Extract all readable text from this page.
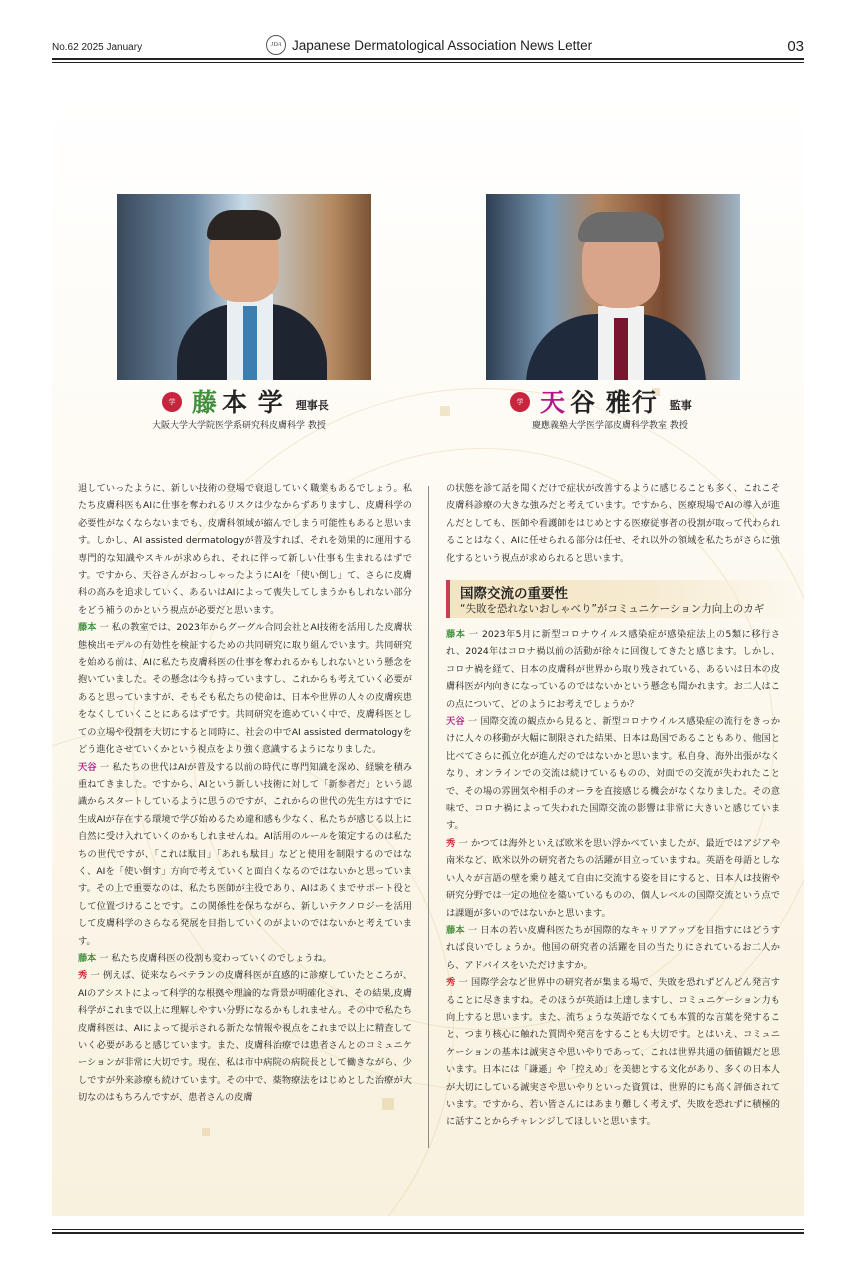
No.62 2025 January	JDA Japanese Dermatological Association News Letter	03
学 藤 本 学 理事長
大阪大学大学院医学系研究科皮膚科学 教授
学 天 谷 雅行 監事
慶應義塾大学医学部皮膚科学教室 教授

退していったように、新しい技術の登場で衰退していく職業もあるでしょう。私たち皮膚科医もAIに仕事を奪われるリスクは少なからずありますし、皮膚科学の必要性がなくならないまでも、皮膚科領域が縮んでしまう可能性もあると思います。しかし、AI assisted dermatologyが普及すれば、それを効果的に運用する専門的な知識やスキルが求められ、それに伴って新しい仕事も生まれるはずです。ですから、天谷さんがおっしゃったようにAIを「使い倒し」て、さらに皮膚科の高みを追求していく、あるいはAIによって喪失してしまうかもしれない部分をどう補うのかという視点が必要だと思います。

藤本 一 私の教室では、2023年からグーグル合同会社とAI技術を活用した皮膚状態検出モデルの有効性を検証するための共同研究に取り組んでいます。共同研究を始める前は、AIに私たち皮膚科医の仕事を奪われるかもしれないという懸念を抱いていました。その懸念は今も持っていますし、これからも考えていく必要があると思っていますが、そもそも私たちの使命は、日本や世界の人々の皮膚疾患をなくしていくことにあるはずです。共同研究を進めていく中で、皮膚科医としての立場や役割を大切にすると同時に、社会の中でAI assisted dermatologyをどう進化させていくかという視点をより強く意識するようになりました。

天谷 一 私たちの世代はAIが普及する以前の時代に専門知識を深め、経験を積み重ねてきました。ですから、AIという新しい技術に対して「新参者だ」という認識からスタートしているように思うのですが、これからの世代の先生方はすでに生成AIが存在する環境で学び始めるため違和感も少なく、私たちが感じる以上に自然に受け入れていくのかもしれませんね。AI活用のルールを策定するのは私たちの世代ですが、「これは駄目」「あれも駄目」などと使用を制限するのではなく、AIを「使い倒す」方向で考えていくと面白くなるのではないかと思っています。その上で重要なのは、私たち医師が主役であり、AIはあくまでサポート役として位置づけることです。この関係性を保ちながら、新しいテクノロジーを活用して皮膚科学のさらなる発展を目指していくのがよいのではないかと考えています。

藤本 一 私たち皮膚科医の役割も変わっていくのでしょうね。

秀 一 例えば、従来ならベテランの皮膚科医が直感的に診療していたところが、AIのアシストによって科学的な根拠や理論的な背景が明確化され、その結果,皮膚科学がこれまで以上に理解しやすい分野になるかもしれません。その中で私たち皮膚科医は、AIによって提示される新たな情報や視点をこれまで以上に精査していく必要があると感じています。また、皮膚科治療では患者さんとのコミュニケーションが非常に大切です。現在、私は市中病院の病院長として働きながら、少しですが外来診療も続けています。その中で、薬物療法をはじめとした治療が大切なのはもちろんですが、患者さんの皮膚

の状態を診て話を聞くだけで症状が改善するように感じることも多く、これこそ皮膚科診療の大きな強みだと考えています。ですから、医療現場でAIの導入が進んだとしても、医師や看護師をはじめとする医療従事者の役割が取って代わられることはなく、AIに任せられる部分は任せ、それ以外の領域を私たちがさらに強化するという視点が求められると思います。

国際交流の重要性
“失敗を恐れないおしゃべり”がコミュニケーション力向上のカギ

藤本 一 2023年5月に新型コロナウイルス感染症が感染症法上の5類に移行され、2024年はコロナ禍以前の活動が徐々に回復してきたと感じます。しかし、コロナ禍を経て、日本の皮膚科が世界から取り残されている、あるいは日本の皮膚科医が内向きになっているのではないかという懸念も聞かれます。お二人はこの点について、どのようにお考えでしょうか？

天谷 一 国際交流の観点から見ると、新型コロナウイルス感染症の流行をきっかけに人々の移動が大幅に制限された結果、日本は島国であることもあり、他国と比べてさらに孤立化が進んだのではないかと思います。私自身、海外出張がなくなり、オンラインでの交流は続けているものの、対面での交流が失われたことで、その場の雰囲気や相手のオーラを直接感じる機会がなくなりました。その意味で、コロナ禍によって失われた国際交流の影響は非常に大きいと感じています。

秀 一 かつては海外といえば欧米を思い浮かべていましたが、最近ではアジアや南米など、欧米以外の研究者たちの活躍が目立っていますね。英語を母語としない人々が言語の壁を乗り越えて自由に交流する姿を目にすると、日本人は技術や研究分野では一定の地位を築いているものの、個人レベルの国際交流という点では課題が多いのではないかと思います。

藤本 一 日本の若い皮膚科医たちが国際的なキャリアアップを目指すにはどうすれば良いでしょうか。他国の研究者の活躍を目の当たりにされているお二人から、アドバイスをいただけますか。

秀 一 国際学会など世界中の研究者が集まる場で、失敗を恐れずどんどん発言することに尽きますね。そのほうが英語は上達しますし、コミュニケーション力も向上すると思います。また、流ちょうな英語でなくても本質的な言葉を発すること、つまり核心に触れた質問や発言をすることも大切です。とはいえ、コミュニケーションの基本は誠実さや思いやりであって、これは世界共通の価値観だと思います。日本には「謙遜」や「控えめ」を美徳とする文化があり、多くの日本人が大切にしている誠実さや思いやりといった資質は、世界的にも高く評価されています。ですから、若い皆さんにはあまり難しく考えず、失敗を恐れずに積極的に話すことからチャレンジしてほしいと思います。
